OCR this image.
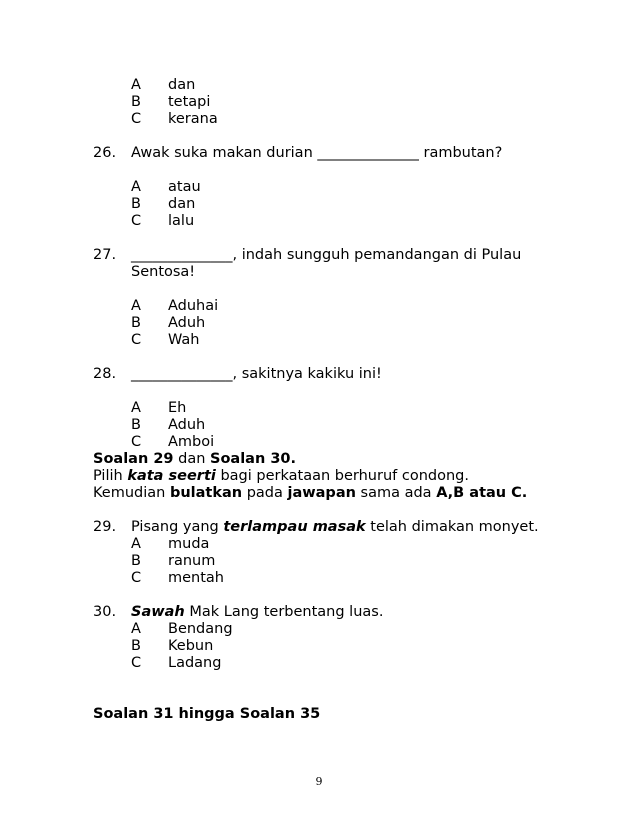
A dan
B tetapi
C kerana
26. Awak suka makan durian ______________ rambutan?
A atau
B dan
C lalu
27. ______________, indah sungguh pemandangan di Pulau
Sentosa!
A Aduhai
B Aduh
C Wah
28. ______________, sakitnya kakiku ini!
A Eh
B Aduh
C Amboi
Soalan 29 dan Soalan 30.
Pilih kata seerti bagi perkataan berhuruf condong.
Kemudian bulatkan pada jawapan sama ada A,B atau C.
29. Pisang yang terlampau masak telah dimakan monyet.
A muda
B ranum
C mentah
30. Sawah Mak Lang terbentang luas.
A Bendang
B Kebun
C Ladang
Soalan 31 hingga Soalan 35
9
